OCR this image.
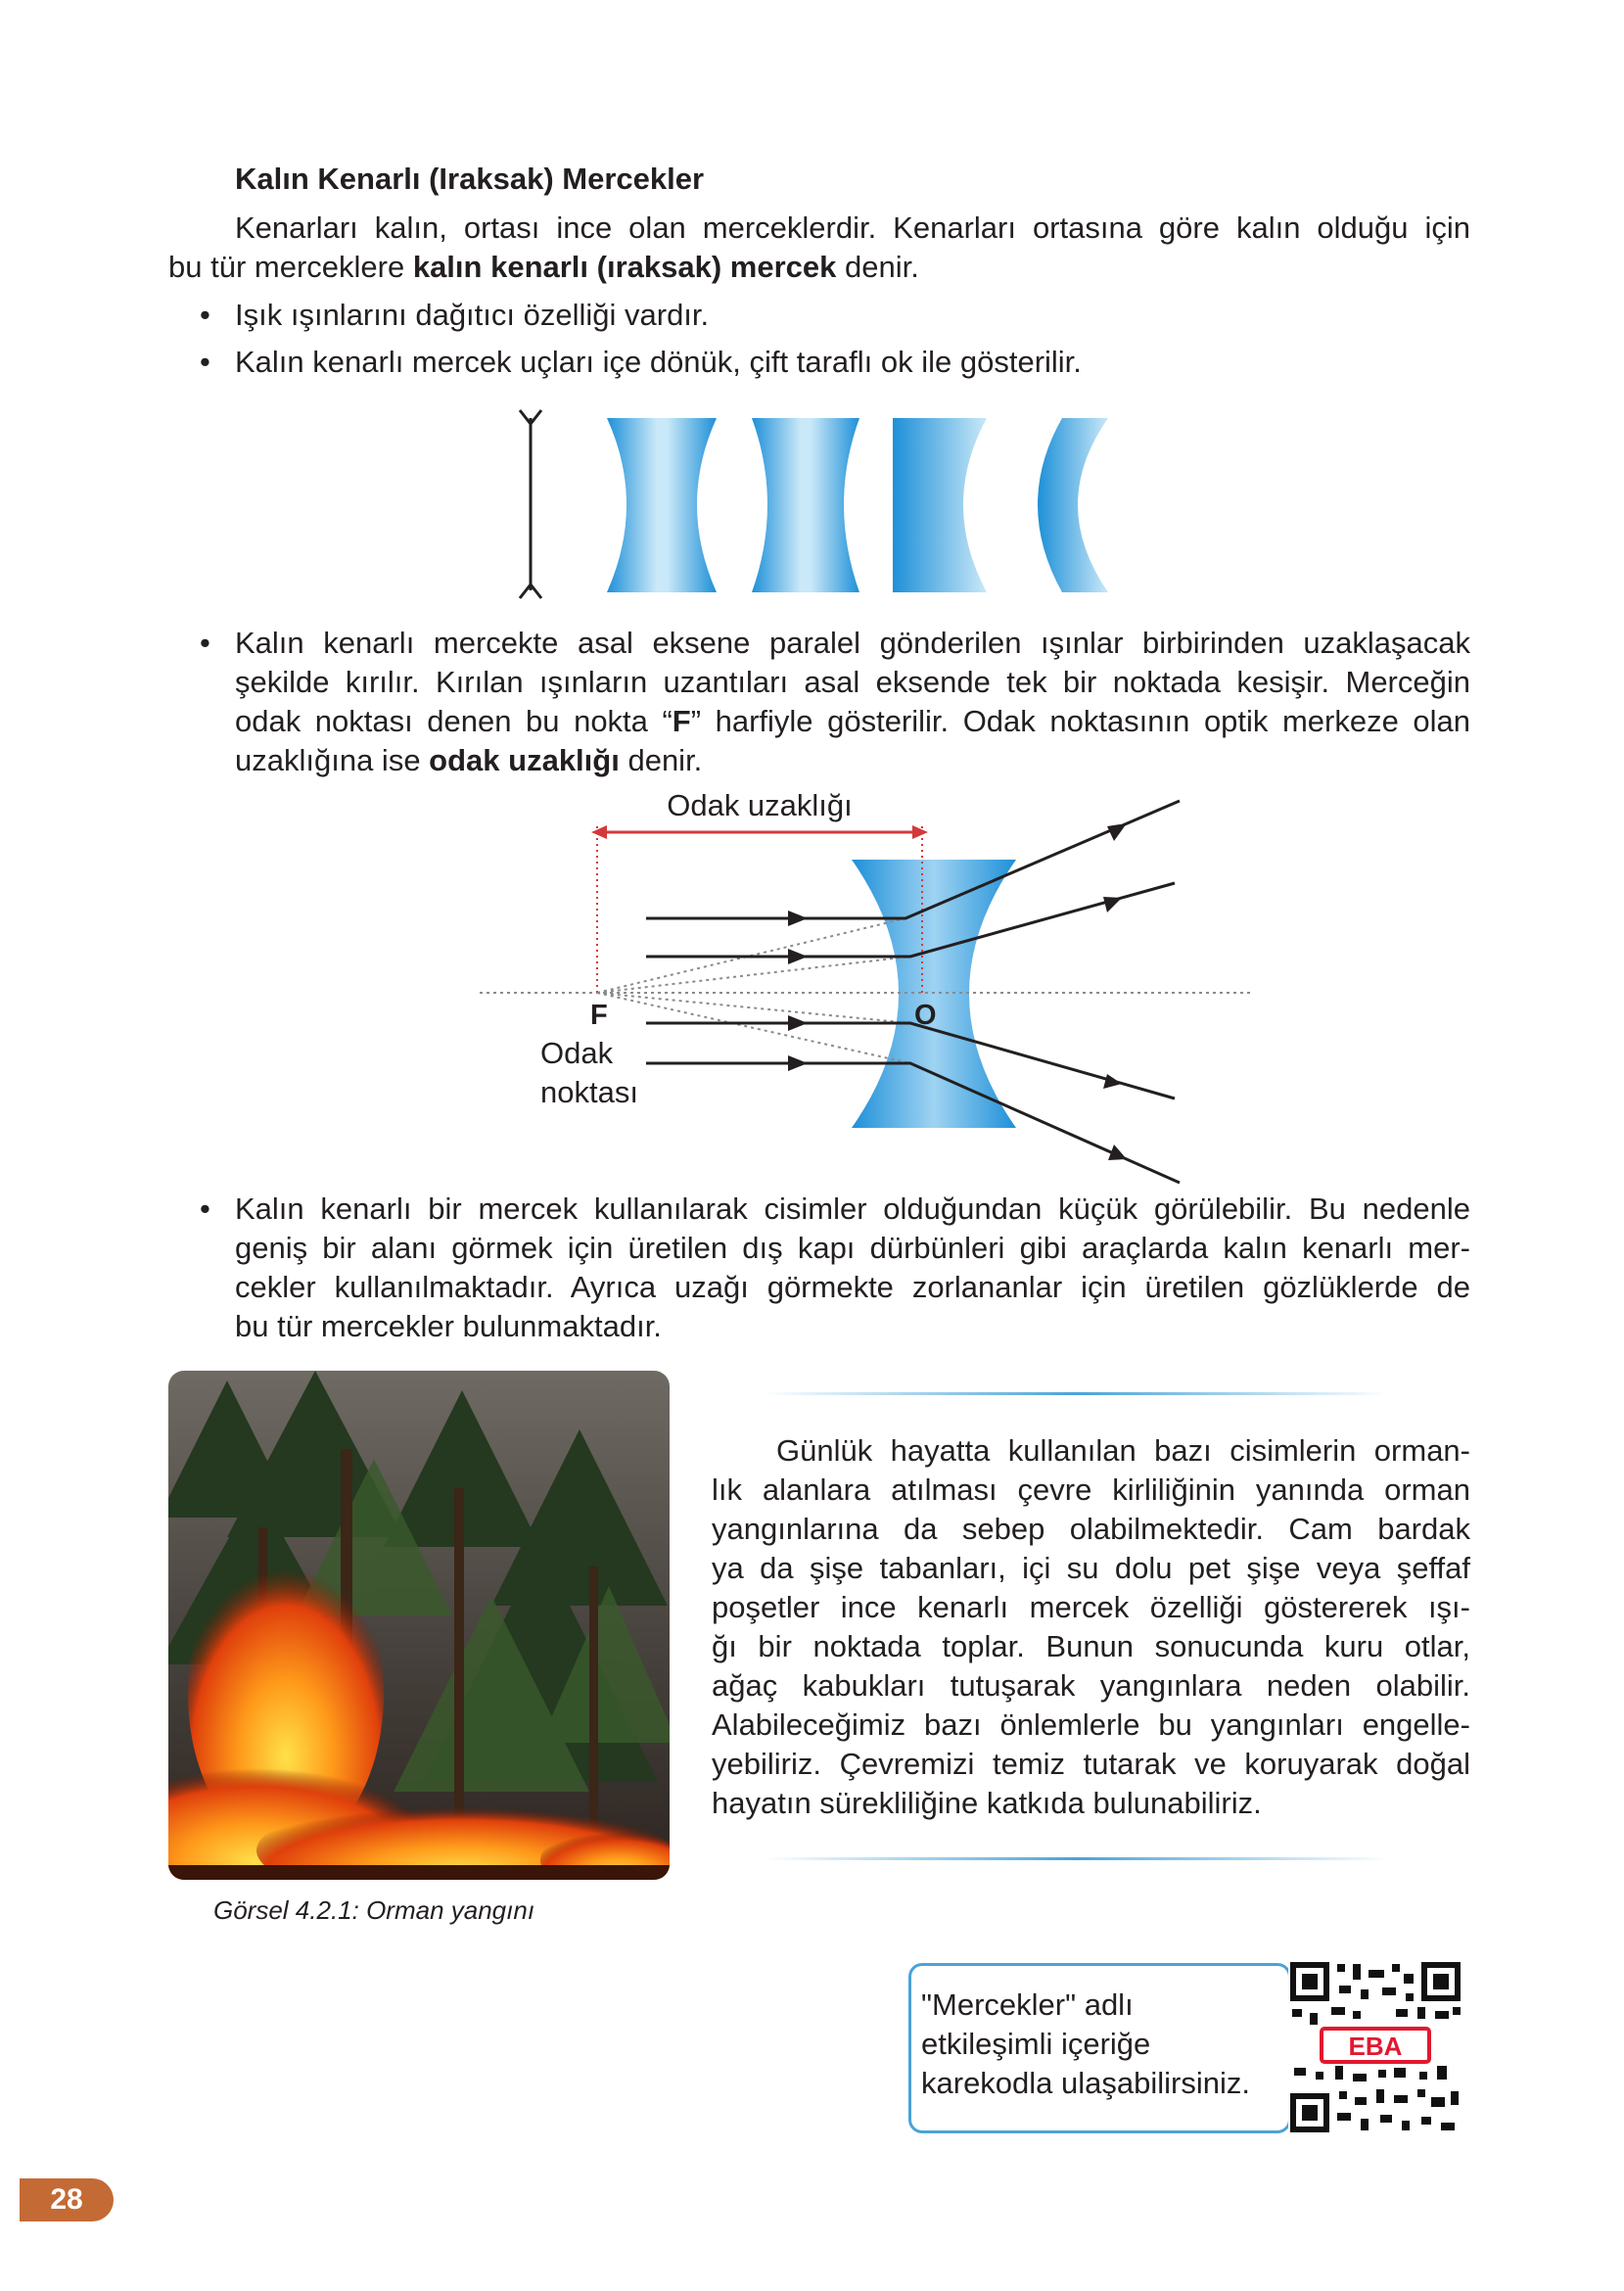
Kalın Kenarlı (Iraksak) Mercekler
Kenarları kalın, ortası ince olan merceklerdir. Kenarları ortasına göre kalın olduğu için
bu tür merceklere kalın kenarlı (ıraksak) mercek denir.
• Işık ışınlarını dağıtıcı özelliği vardır.
• Kalın kenarlı mercek uçları içe dönük, çift taraflı ok ile gösterilir.
• Kalın kenarlı mercekte asal eksene paralel gönderilen ışınlar birbirinden uzaklaşacak
şekilde kırılır. Kırılan ışınların uzantıları asal eksende tek bir noktada kesişir. Merceğin
odak noktası denen bu nokta “F” harfiyle gösterilir. Odak noktasının optik merkeze olan
uzaklığına ise odak uzaklığı denir.
Odak uzaklığı
F	O
Odak
noktası
• Kalın kenarlı bir mercek kullanılarak cisimler olduğundan küçük görülebilir. Bu nedenle
geniş bir alanı görmek için üretilen dış kapı dürbünleri gibi araçlarda kalın kenarlı mer-
cekler kullanılmaktadır. Ayrıca uzağı görmekte zorlananlar için üretilen gözlüklerde de
bu tür mercekler bulunmaktadır.
Görsel 4.2.1: Orman yangını
Günlük hayatta kullanılan bazı cisimlerin orman-
lık alanlara atılması çevre kirliliğinin yanında orman
yangınlarına da sebep olabilmektedir. Cam bardak
ya da şişe tabanları, içi su dolu pet şişe veya şeffaf
poşetler ince kenarlı mercek özelliği göstererek ışı-
ğı bir noktada toplar. Bunun sonucunda kuru otlar,
ağaç kabukları tutuşarak yangınlara neden olabilir.
Alabileceğimiz bazı önlemlerle bu yangınları engelle-
yebiliriz. Çevremizi temiz tutarak ve koruyarak doğal
hayatın sürekliliğine katkıda bulunabiliriz.
"Mercekler" adlı
etkileşimli içeriğe
karekodla ulaşabilirsiniz.
EBA
28
